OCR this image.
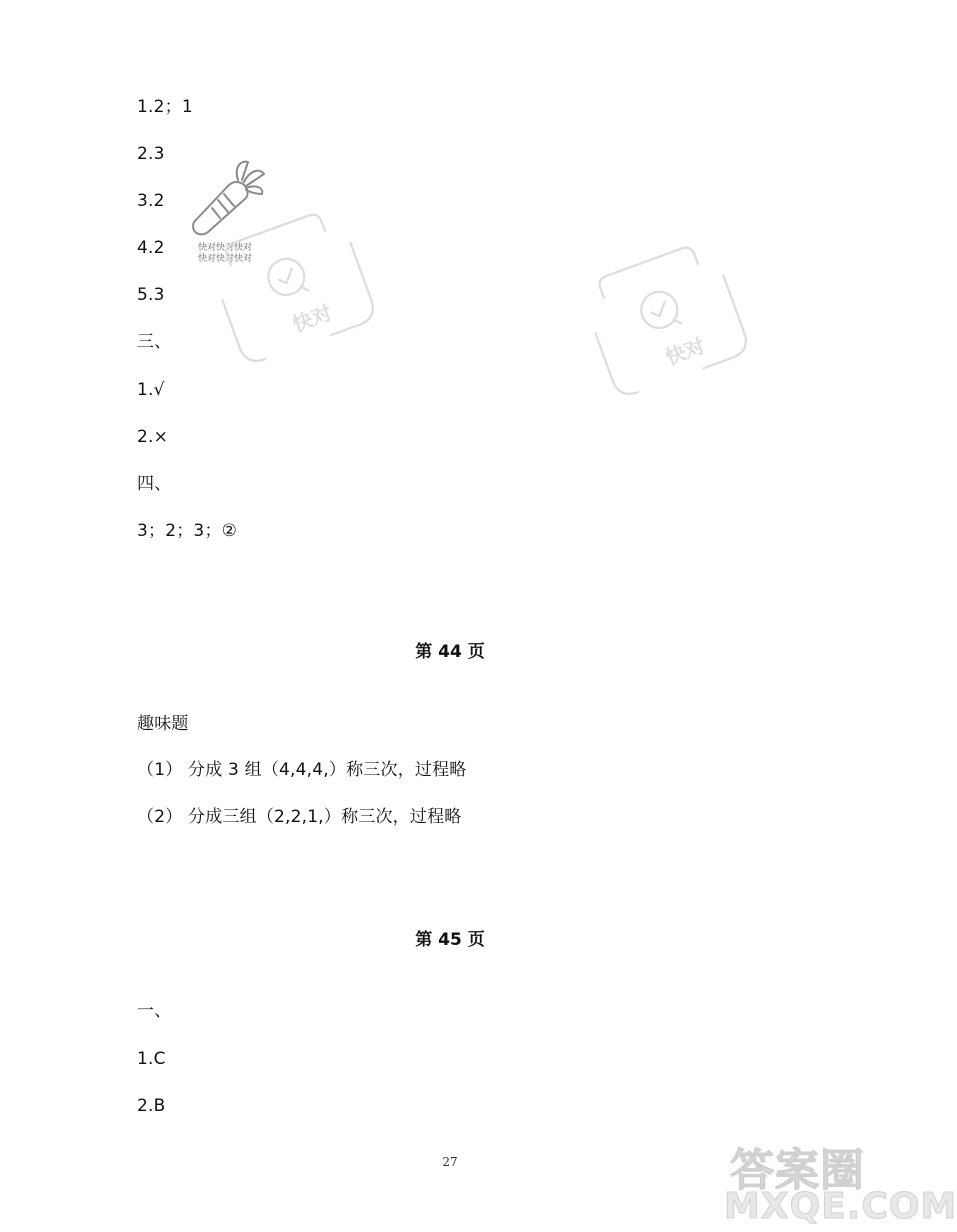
1.2；1
2.3
3.2
4.2
5.3
三、
1.√
2.×
四、
3；2；3；②
第 44 页
趣味题
（1） 分成 3 组（4,4,4,）称三次，过程略
（2） 分成三组（2,2,1,）称三次，过程略
第 45 页
一、
1.C
2.B
27
快对快对快对
快对快对快对
快对
快对
答案圈
MXQE.COM
